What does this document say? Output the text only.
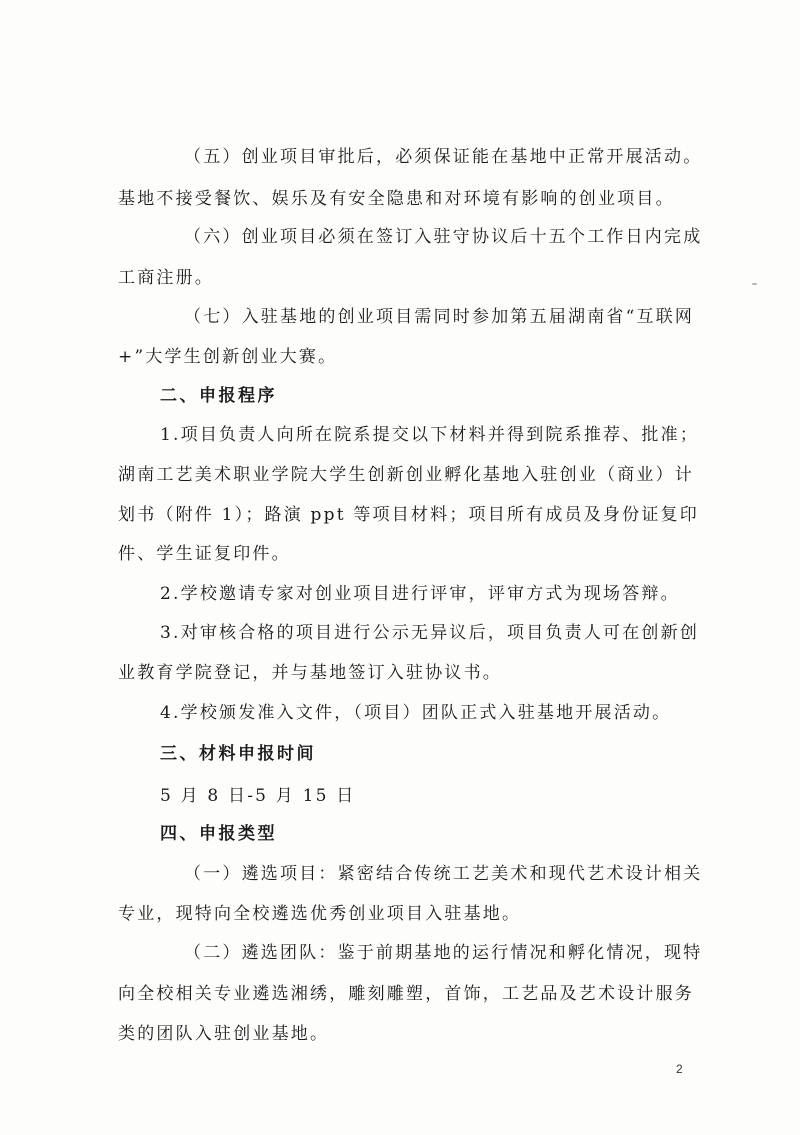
（五）创业项目审批后，必须保证能在基地中正常开展活动。
基地不接受餐饮、娱乐及有安全隐患和对环境有影响的创业项目。
（六）创业项目必须在签订入驻守协议后十五个工作日内完成
工商注册。
（七）入驻基地的创业项目需同时参加第五届湖南省“互联网
+”大学生创新创业大赛。
二、申报程序
1.项目负责人向所在院系提交以下材料并得到院系推荐、批准；
湖南工艺美术职业学院大学生创新创业孵化基地入驻创业（商业）计
划书（附件 1）；路演 ppt 等项目材料；项目所有成员及身份证复印
件、学生证复印件。
2.学校邀请专家对创业项目进行评审，评审方式为现场答辩。
3.对审核合格的项目进行公示无异议后，项目负责人可在创新创
业教育学院登记，并与基地签订入驻协议书。
4.学校颁发准入文件，（项目）团队正式入驻基地开展活动。
三、材料申报时间
5 月 8 日-5 月 15 日
四、申报类型
（一）遴选项目：紧密结合传统工艺美术和现代艺术设计相关
专业，现特向全校遴选优秀创业项目入驻基地。
（二）遴选团队：鉴于前期基地的运行情况和孵化情况，现特
向全校相关专业遴选湘绣，雕刻雕塑，首饰，工艺品及艺术设计服务
类的团队入驻创业基地。
2
